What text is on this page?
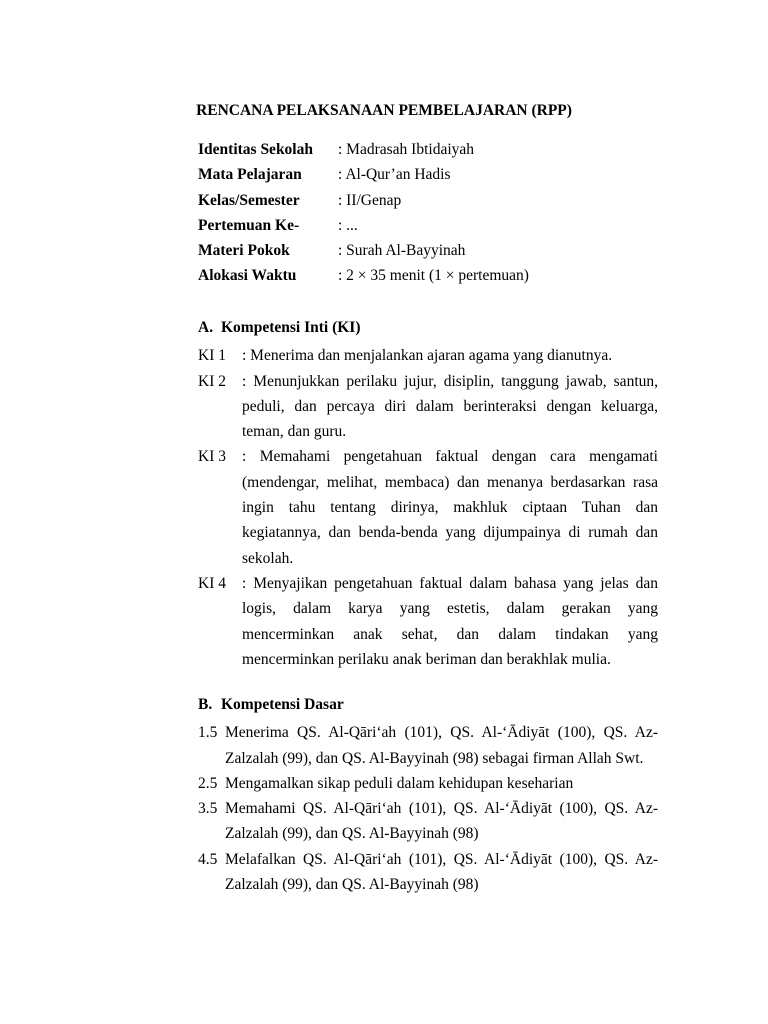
RENCANA PELAKSANAAN PEMBELAJARAN (RPP)
Identitas Sekolah	: Madrasah Ibtidaiyah
Mata Pelajaran	: Al-Qur’an Hadis
Kelas/Semester	: II/Genap
Pertemuan Ke-	: ...
Materi Pokok	: Surah Al-Bayyinah
Alokasi Waktu	: 2 × 35 menit (1 × pertemuan)
A. Kompetensi Inti (KI)
KI 1	: Menerima dan menjalankan ajaran agama yang dianutnya.
KI 2	: Menunjukkan perilaku jujur, disiplin, tanggung jawab, santun, peduli, dan percaya diri dalam berinteraksi dengan keluarga, teman, dan guru.
KI 3	: Memahami pengetahuan faktual dengan cara mengamati (mendengar, melihat, membaca) dan menanya berdasarkan rasa ingin tahu tentang dirinya, makhluk ciptaan Tuhan dan kegiatannya, dan benda-benda yang dijumpainya di rumah dan sekolah.
KI 4	: Menyajikan pengetahuan faktual dalam bahasa yang jelas dan logis, dalam karya yang estetis, dalam gerakan yang mencerminkan anak sehat, dan dalam tindakan yang mencerminkan perilaku anak beriman dan berakhlak mulia.
B. Kompetensi Dasar
1.5 Menerima QS. Al-Qāri‘ah (101), QS. Al-‘Ādiyāt (100), QS. Az-Zalzalah (99), dan QS. Al-Bayyinah (98) sebagai firman Allah Swt.
2.5 Mengamalkan sikap peduli dalam kehidupan keseharian
3.5 Memahami QS. Al-Qāri‘ah (101), QS. Al-‘Ādiyāt (100), QS. Az-Zalzalah (99), dan QS. Al-Bayyinah (98)
4.5 Melafalkan QS. Al-Qāri‘ah (101), QS. Al-‘Ādiyāt (100), QS. Az-Zalzalah (99), dan QS. Al-Bayyinah (98)
